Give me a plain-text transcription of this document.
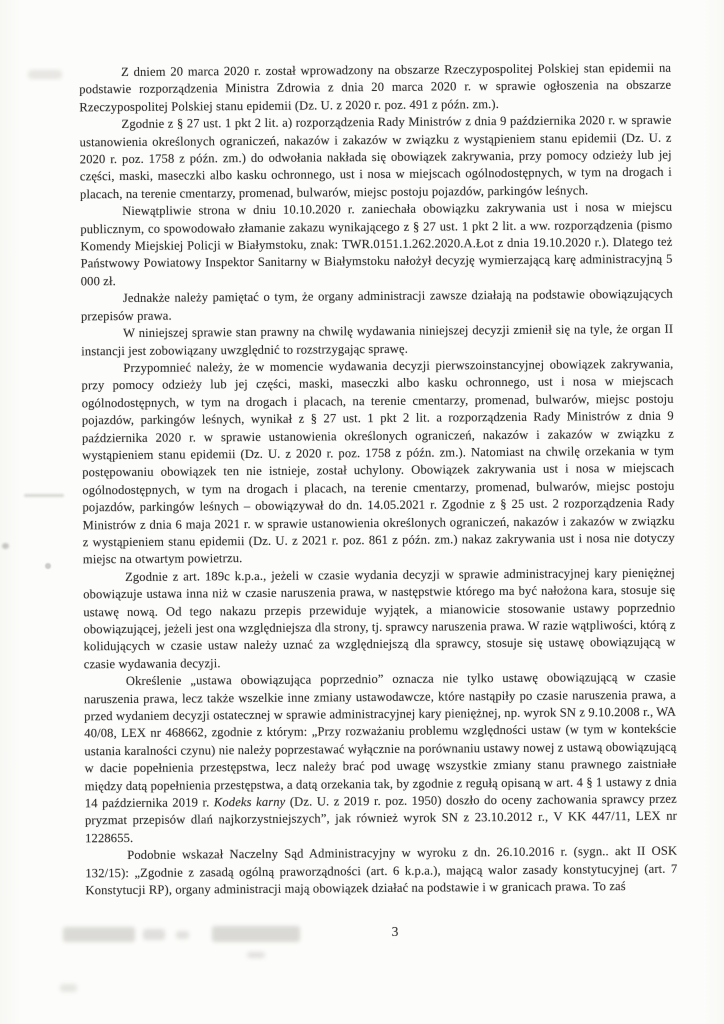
Z dniem 20 marca 2020 r. został wprowadzony na obszarze Rzeczypospolitej Polskiej stan epidemii na podstawie rozporządzenia Ministra Zdrowia z dnia 20 marca 2020 r. w sprawie ogłoszenia na obszarze Rzeczypospolitej Polskiej stanu epidemii (Dz. U. z 2020 r. poz. 491 z późn. zm.).

Zgodnie z § 27 ust. 1 pkt 2 lit. a) rozporządzenia Rady Ministrów z dnia 9 października 2020 r. w sprawie ustanowienia określonych ograniczeń, nakazów i zakazów w związku z wystąpieniem stanu epidemii (Dz. U. z 2020 r. poz. 1758 z późn. zm.) do odwołania nakłada się obowiązek zakrywania, przy pomocy odzieży lub jej części, maski, maseczki albo kasku ochronnego, ust i nosa w miejscach ogólnodostępnych, w tym na drogach i placach, na terenie cmentarzy, promenad, bulwarów, miejsc postoju pojazdów, parkingów leśnych.

Niewątpliwie strona w dniu 10.10.2020 r. zaniechała obowiązku zakrywania ust i nosa w miejscu publicznym, co spowodowało złamanie zakazu wynikającego z § 27 ust. 1 pkt 2 lit. a ww. rozporządzenia (pismo Komendy Miejskiej Policji w Białymstoku, znak: TWR.0151.1.262.2020.A.Łot z dnia 19.10.2020 r.). Dlatego też Państwowy Powiatowy Inspektor Sanitarny w Białymstoku nałożył decyzję wymierzającą karę administracyjną 5 000 zł.

Jednakże należy pamiętać o tym, że organy administracji zawsze działają na podstawie obowiązujących przepisów prawa.

W niniejszej sprawie stan prawny na chwilę wydawania niniejszej decyzji zmienił się na tyle, że organ II instancji jest zobowiązany uwzględnić to rozstrzygając sprawę.

Przypomnieć należy, że w momencie wydawania decyzji pierwszoinstancyjnej obowiązek zakrywania, przy pomocy odzieży lub jej części, maski, maseczki albo kasku ochronnego, ust i nosa w miejscach ogólnodostępnych, w tym na drogach i placach, na terenie cmentarzy, promenad, bulwarów, miejsc postoju pojazdów, parkingów leśnych, wynikał z § 27 ust. 1 pkt 2 lit. a rozporządzenia Rady Ministrów z dnia 9 października 2020 r. w sprawie ustanowienia określonych ograniczeń, nakazów i zakazów w związku z wystąpieniem stanu epidemii (Dz. U. z 2020 r. poz. 1758 z późn. zm.). Natomiast na chwilę orzekania w tym postępowaniu obowiązek ten nie istnieje, został uchylony. Obowiązek zakrywania ust i nosa w miejscach ogólnodostępnych, w tym na drogach i placach, na terenie cmentarzy, promenad, bulwarów, miejsc postoju pojazdów, parkingów leśnych – obowiązywał do dn. 14.05.2021 r. Zgodnie z § 25 ust. 2 rozporządzenia Rady Ministrów z dnia 6 maja 2021 r. w sprawie ustanowienia określonych ograniczeń, nakazów i zakazów w związku z wystąpieniem stanu epidemii (Dz. U. z 2021 r. poz. 861 z późn. zm.) nakaz zakrywania ust i nosa nie dotyczy miejsc na otwartym powietrzu.

Zgodnie z art. 189c k.p.a., jeżeli w czasie wydania decyzji w sprawie administracyjnej kary pieniężnej obowiązuje ustawa inna niż w czasie naruszenia prawa, w następstwie którego ma być nałożona kara, stosuje się ustawę nową. Od tego nakazu przepis przewiduje wyjątek, a mianowicie stosowanie ustawy poprzednio obowiązującej, jeżeli jest ona względniejsza dla strony, tj. sprawcy naruszenia prawa. W razie wątpliwości, którą z kolidujących w czasie ustaw należy uznać za względniejszą dla sprawcy, stosuje się ustawę obowiązującą w czasie wydawania decyzji.

Określenie „ustawa obowiązująca poprzednio” oznacza nie tylko ustawę obowiązującą w czasie naruszenia prawa, lecz także wszelkie inne zmiany ustawodawcze, które nastąpiły po czasie naruszenia prawa, a przed wydaniem decyzji ostatecznej w sprawie administracyjnej kary pieniężnej, np. wyrok SN z 9.10.2008 r., WA 40/08, LEX nr 468662, zgodnie z którym: „Przy rozważaniu problemu względności ustaw (w tym w kontekście ustania karalności czynu) nie należy poprzestawać wyłącznie na porównaniu ustawy nowej z ustawą obowiązującą w dacie popełnienia przestępstwa, lecz należy brać pod uwagę wszystkie zmiany stanu prawnego zaistniałe między datą popełnienia przestępstwa, a datą orzekania tak, by zgodnie z regułą opisaną w art. 4 § 1 ustawy z dnia 14 października 2019 r. Kodeks karny (Dz. U. z 2019 r. poz. 1950) doszło do oceny zachowania sprawcy przez pryzmat przepisów dlań najkorzystniejszych”, jak również wyrok SN z 23.10.2012 r., V KK 447/11, LEX nr 1228655.

Podobnie wskazał Naczelny Sąd Administracyjny w wyroku z dn. 26.10.2016 r. (sygn.. akt II OSK 132/15): „Zgodnie z zasadą ogólną praworządności (art. 6 k.p.a.), mającą walor zasady konstytucyjnej (art. 7 Konstytucji RP), organy administracji mają obowiązek działać na podstawie i w granicach prawa. To zaś

3
